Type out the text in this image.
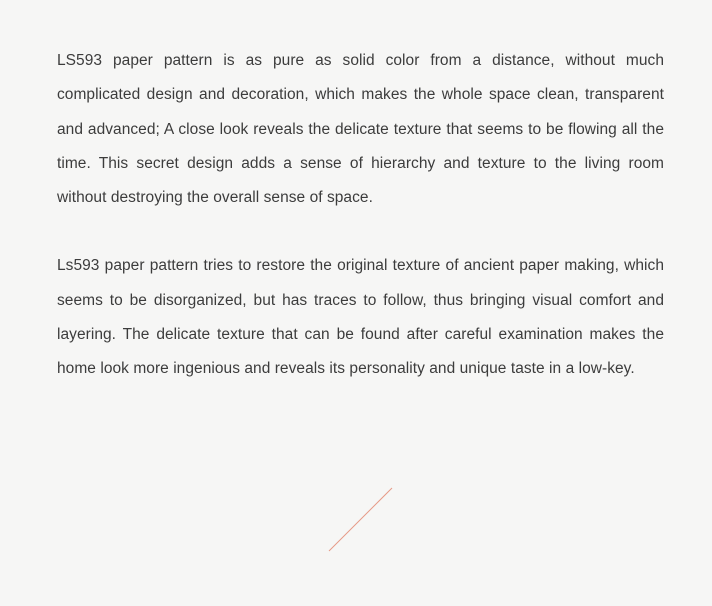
LS593 paper pattern is as pure as solid color from a distance, without much complicated design and decoration, which makes the whole space clean, transparent and advanced; A close look reveals the delicate texture that seems to be flowing all the time. This secret design adds a sense of hierarchy and texture to the living room without destroying the overall sense of space.

Ls593 paper pattern tries to restore the original texture of ancient paper making, which seems to be disorganized, but has traces to follow, thus bringing visual comfort and layering. The delicate texture that can be found after careful examination makes the home look more ingenious and reveals its personality and unique taste in a low-key.
